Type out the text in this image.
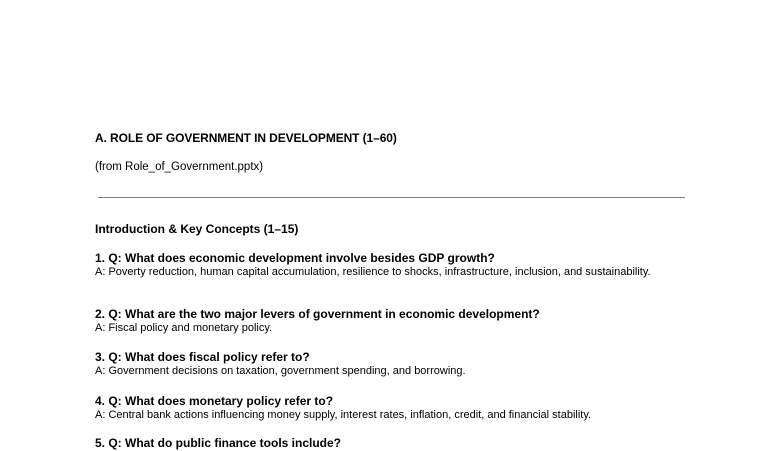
A. ROLE OF GOVERNMENT IN DEVELOPMENT (1–60)
(from Role_of_Government.pptx)
Introduction & Key Concepts (1–15)
1. Q: What does economic development involve besides GDP growth?
A: Poverty reduction, human capital accumulation, resilience to shocks, infrastructure, inclusion, and sustainability.
2. Q: What are the two major levers of government in economic development?
A: Fiscal policy and monetary policy.
3. Q: What does fiscal policy refer to?
A: Government decisions on taxation, government spending, and borrowing.
4. Q: What does monetary policy refer to?
A: Central bank actions influencing money supply, interest rates, inflation, credit, and financial stability.
5. Q: What do public finance tools include?
